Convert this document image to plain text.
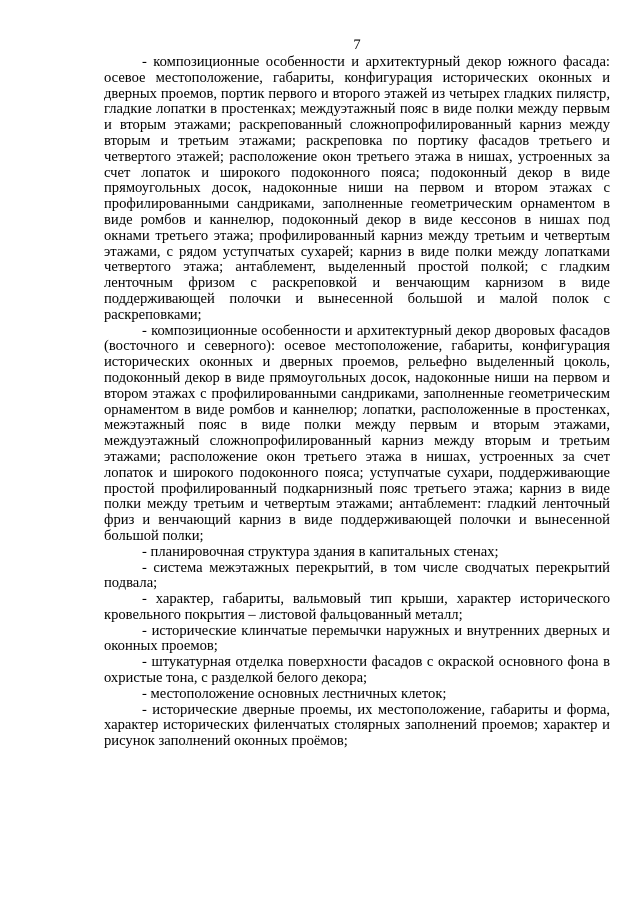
7

- композиционные особенности и архитектурный декор южного фасада: осевое местоположение, габариты, конфигурация исторических оконных и дверных проемов, портик первого и второго этажей из четырех гладких пилястр, гладкие лопатки в простенках; междуэтажный пояс в виде полки между первым и вторым этажами; раскрепованный сложнопрофилированный карниз между вторым и третьим этажами; раскреповка по портику фасадов третьего и четвертого этажей; расположение окон третьего этажа в нишах, устроенных за счет лопаток и широкого подоконного пояса; подоконный декор в виде прямоугольных досок, надоконные ниши на первом и втором этажах с профилированными сандриками, заполненные геометрическим орнаментом в виде ромбов и каннелюр, подоконный декор в виде кессонов в нишах под окнами третьего этажа; профилированный карниз между третьим и четвертым этажами, с рядом уступчатых сухарей; карниз в виде полки между лопатками четвертого этажа; антаблемент, выделенный простой полкой; с гладким ленточным фризом с раскреповкой и венчающим карнизом в виде поддерживающей полочки и вынесенной большой и малой полок с раскреповками;

- композиционные особенности и архитектурный декор дворовых фасадов (восточного и северного): осевое местоположение, габариты, конфигурация исторических оконных и дверных проемов, рельефно выделенный цоколь, подоконный декор в виде прямоугольных досок, надоконные ниши на первом и втором этажах с профилированными сандриками, заполненные геометрическим орнаментом в виде ромбов и каннелюр; лопатки, расположенные в простенках, межэтажный пояс в виде полки между первым и вторым этажами, междуэтажный сложнопрофилированный карниз между вторым и третьим этажами; расположение окон третьего этажа в нишах, устроенных за счет лопаток и широкого подоконного пояса; уступчатые сухари, поддерживающие простой профилированный подкарнизный пояс третьего этажа; карниз в виде полки между третьим и четвертым этажами; антаблемент: гладкий ленточный фриз и венчающий карниз в виде поддерживающей полочки и вынесенной большой полки;

- планировочная структура здания в капитальных стенах;

- система межэтажных перекрытий, в том числе сводчатых перекрытий подвала;

- характер, габариты, вальмовый тип крыши, характер исторического кровельного покрытия – листовой фальцованный металл;

- исторические клинчатые перемычки наружных и внутренних дверных и оконных проемов;

- штукатурная отделка поверхности фасадов с окраской основного фона в охристые тона, с разделкой белого декора;

- местоположение основных лестничных клеток;

- исторические дверные проемы, их местоположение, габариты и форма, характер исторических филенчатых столярных заполнений проемов; характер и рисунок заполнений оконных проёмов;
